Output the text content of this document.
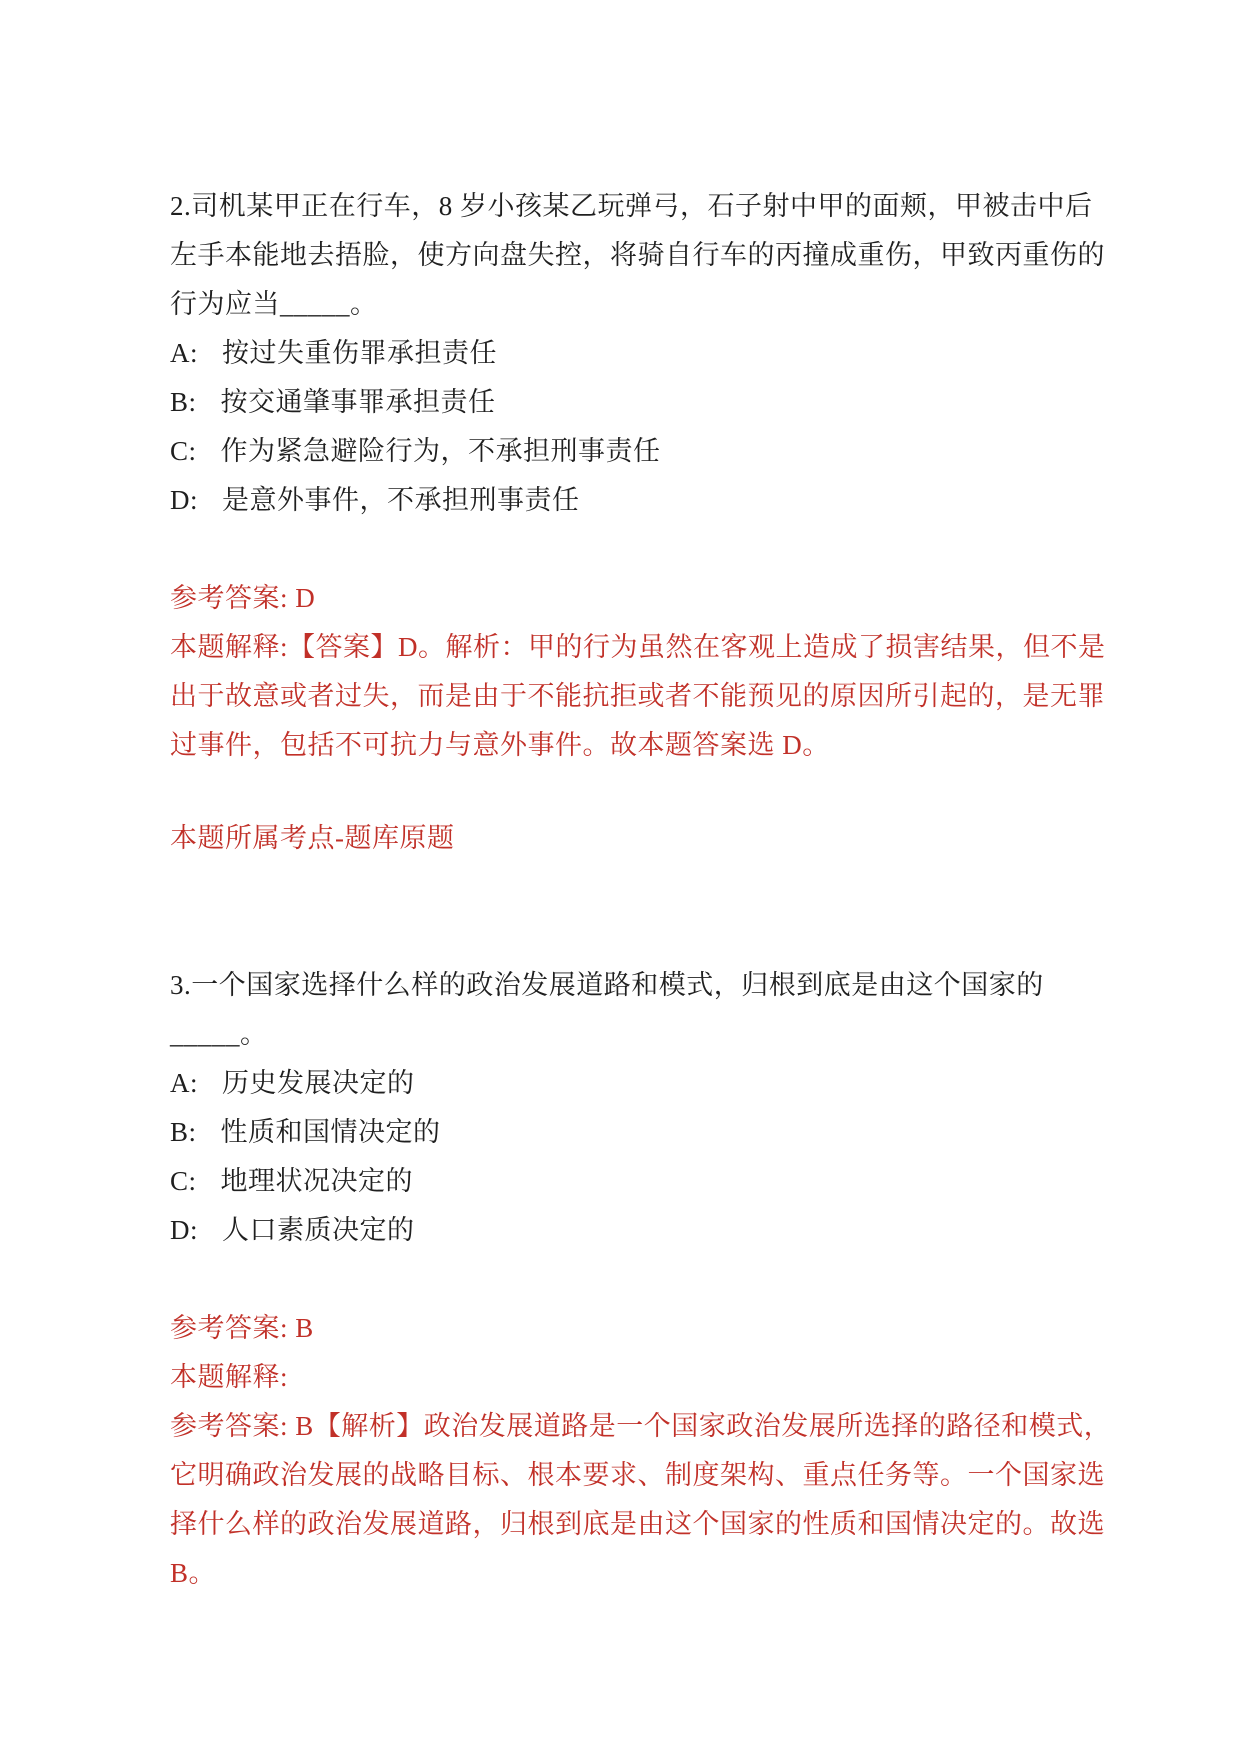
2.司机某甲正在行车，8 岁小孩某乙玩弹弓，石子射中甲的面颊，甲被击中后
左手本能地去捂脸，使方向盘失控，将骑自行车的丙撞成重伤，甲致丙重伤的
行为应当_____。
A: 按过失重伤罪承担责任
B: 按交通肇事罪承担责任
C: 作为紧急避险行为，不承担刑事责任
D: 是意外事件，不承担刑事责任
参考答案: D
本题解释:【答案】D。解析：甲的行为虽然在客观上造成了损害结果，但不是
出于故意或者过失，而是由于不能抗拒或者不能预见的原因所引起的，是无罪
过事件，包括不可抗力与意外事件。故本题答案选 D。
本题所属考点-题库原题
3.一个国家选择什么样的政治发展道路和模式，归根到底是由这个国家的
_____。
A: 历史发展决定的
B: 性质和国情决定的
C: 地理状况决定的
D: 人口素质决定的
参考答案: B
本题解释:
参考答案: B【解析】政治发展道路是一个国家政治发展所选择的路径和模式，
它明确政治发展的战略目标、根本要求、制度架构、重点任务等。一个国家选
择什么样的政治发展道路，归根到底是由这个国家的性质和国情决定的。故选
B。
